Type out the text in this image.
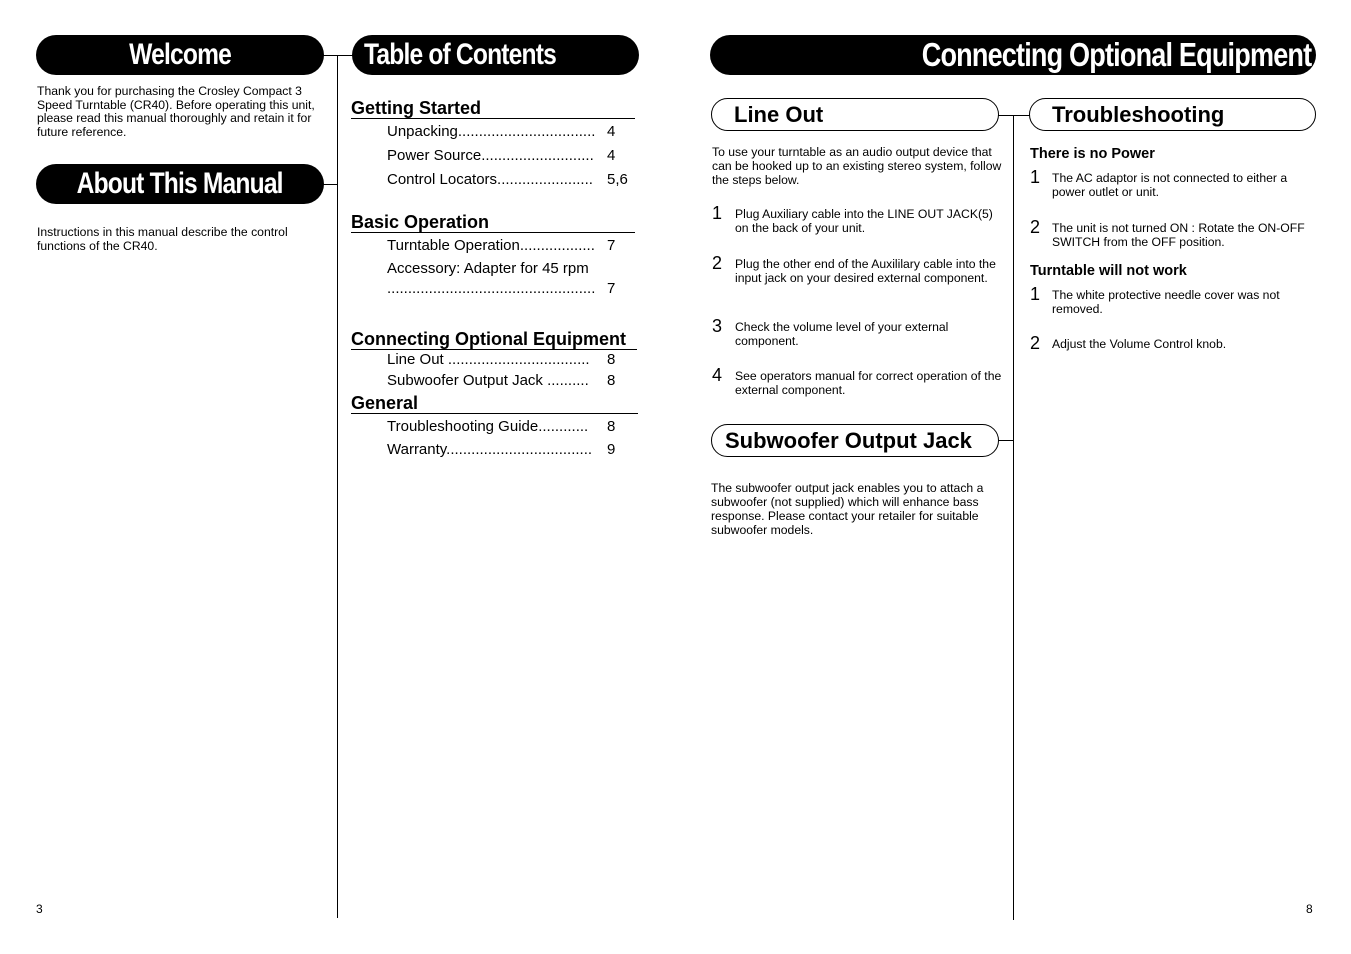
Welcome
Thank you for purchasing the Crosley Compact 3 Speed Turntable (CR40). Before operating this unit, please read this manual thoroughly and retain it for future reference.
About This Manual
Instructions in this manual describe the control functions of the CR40.
Table of Contents
Getting Started
Unpacking................................. 4
Power Source........................... 4
Control Locators....................... 5,6
Basic Operation
Turntable Operation.................. 7
Accessory: Adapter for 45 rpm
.................................................. 7
Connecting Optional Equipment
Line Out .................................. 8
Subwoofer Output Jack .......... 8
General
Troubleshooting Guide............ 8
Warranty................................... 9
3
Connecting Optional Equipment
Line Out
To use your turntable as an audio output device that can be hooked up to an existing stereo system, follow the steps below.
1 Plug Auxiliary cable into the LINE OUT JACK(5) on the back of your unit.
2 Plug the other end of the Auxililary cable into the input jack on your desired external component.
3 Check the volume level of your external component.
4 See operators manual for correct operation of the external component.
Subwoofer Output Jack
The subwoofer output jack enables you to attach a subwoofer (not supplied) which will enhance bass response. Please contact your retailer for suitable subwoofer models.
Troubleshooting
There is no Power
1 The AC adaptor is not connected to either a power outlet or unit.
2 The unit is not turned ON : Rotate the ON-OFF SWITCH from the OFF position.
Turntable will not work
1 The white protective needle cover was not removed.
2 Adjust the Volume Control knob.
8
